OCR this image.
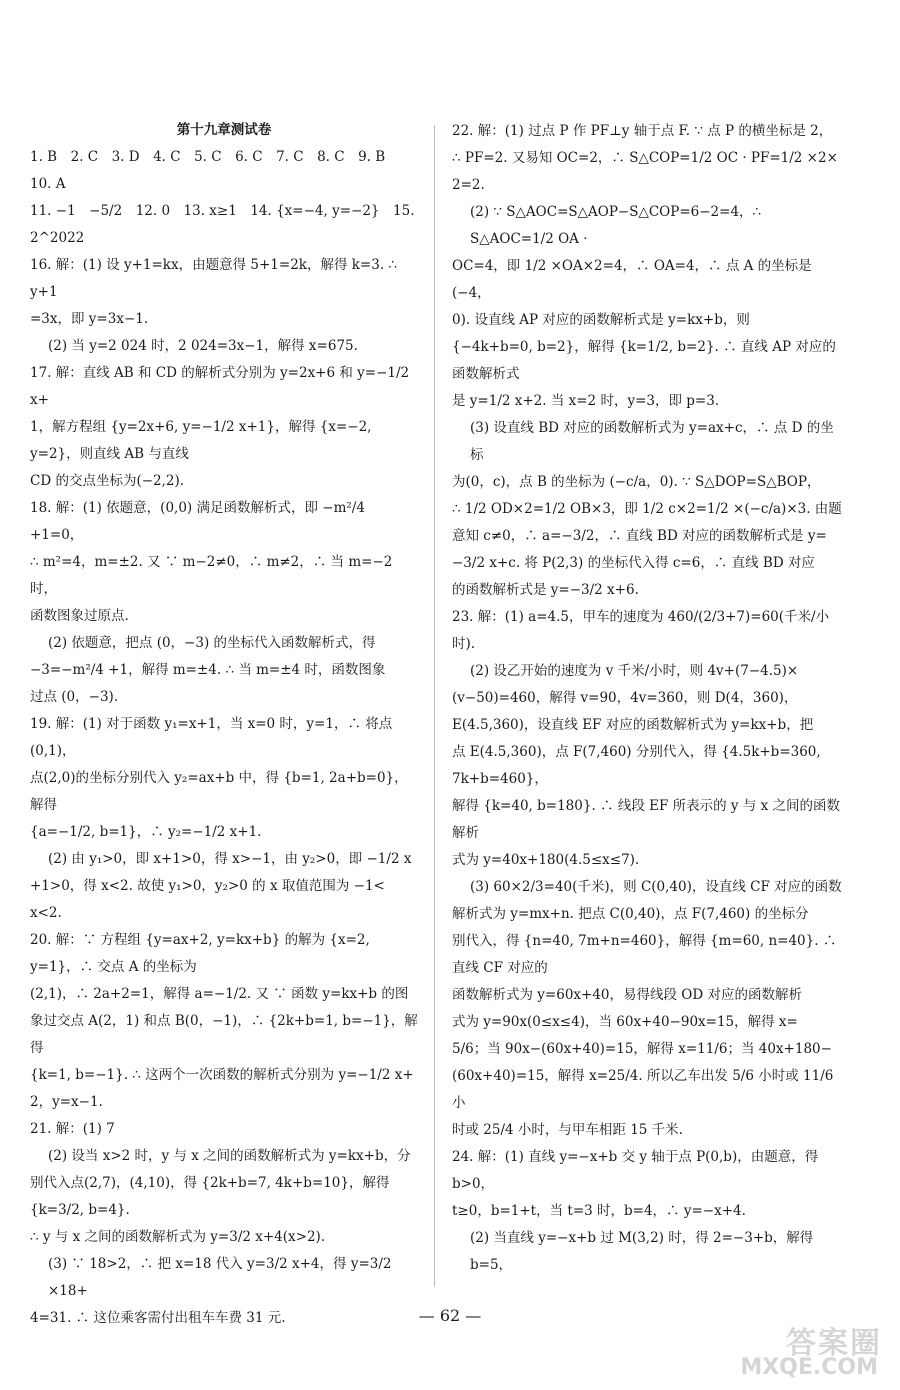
第十九章测试卷

1. B　2. C　3. D　4. C　5. C　6. C　7. C　8. C　9. B　10. A

11. −1　−5/2　12. 0　13. x≥1　14. {x=−4, y=−2}　15. 2^2022

16. 解：(1) 设 y+1=kx，由题意得 5+1=2k，解得 k=3. ∴ y+1

=3x，即 y=3x−1.

(2) 当 y=2 024 时，2 024=3x−1，解得 x=675.

17. 解：直线 AB 和 CD 的解析式分别为 y=2x+6 和 y=−1/2 x+

1，解方程组 {y=2x+6, y=−1/2 x+1}，解得 {x=−2, y=2}，则直线 AB 与直线

CD 的交点坐标为(−2,2).

18. 解：(1) 依题意，(0,0) 满足函数解析式，即 −m²/4 +1=0，

∴ m²=4，m=±2. 又 ∵ m−2≠0，∴ m≠2，∴ 当 m=−2 时，

函数图象过原点.

(2) 依题意，把点 (0，−3) 的坐标代入函数解析式，得

−3=−m²/4 +1，解得 m=±4. ∴ 当 m=±4 时，函数图象

过点 (0，−3).

19. 解：(1) 对于函数 y₁=x+1，当 x=0 时，y=1，∴ 将点(0,1)，

点(2,0)的坐标分别代入 y₂=ax+b 中，得 {b=1, 2a+b=0}，解得

{a=−1/2, b=1}，∴ y₂=−1/2 x+1.

(2) 由 y₁>0，即 x+1>0，得 x>−1，由 y₂>0，即 −1/2 x

+1>0，得 x<2. 故使 y₁>0，y₂>0 的 x 取值范围为 −1<

x<2.

20. 解：∵ 方程组 {y=ax+2, y=kx+b} 的解为 {x=2, y=1}，∴ 交点 A 的坐标为

(2,1)，∴ 2a+2=1，解得 a=−1/2. 又 ∵ 函数 y=kx+b 的图

象过交点 A(2，1) 和点 B(0，−1)，∴ {2k+b=1, b=−1}，解得

{k=1, b=−1}. ∴ 这两个一次函数的解析式分别为 y=−1/2 x+

2，y=x−1.

21. 解：(1) 7

(2) 设当 x>2 时，y 与 x 之间的函数解析式为 y=kx+b，分

别代入点(2,7)，(4,10)，得 {2k+b=7, 4k+b=10}，解得 {k=3/2, b=4}.

∴ y 与 x 之间的函数解析式为 y=3/2 x+4(x>2).

(3) ∵ 18>2，∴ 把 x=18 代入 y=3/2 x+4，得 y=3/2 ×18+

4=31. ∴ 这位乘客需付出租车车费 31 元.

22. 解：(1) 过点 P 作 PF⊥y 轴于点 F. ∵ 点 P 的横坐标是 2，

∴ PF=2. 又易知 OC=2，∴ S△COP=1/2 OC · PF=1/2 ×2×

2=2.

(2) ∵ S△AOC=S△AOP−S△COP=6−2=4，∴ S△AOC=1/2 OA ·

OC=4，即 1/2 ×OA×2=4，∴ OA=4，∴ 点 A 的坐标是(−4，

0). 设直线 AP 对应的函数解析式是 y=kx+b，则

{−4k+b=0, b=2}，解得 {k=1/2, b=2}. ∴ 直线 AP 对应的函数解析式

是 y=1/2 x+2. 当 x=2 时，y=3，即 p=3.

(3) 设直线 BD 对应的函数解析式为 y=ax+c，∴ 点 D 的坐标

为(0，c)，点 B 的坐标为 (−c/a，0). ∵ S△DOP=S△BOP，

∴ 1/2 OD×2=1/2 OB×3，即 1/2 c×2=1/2 ×(−c/a)×3. 由题

意知 c≠0，∴ a=−3/2，∴ 直线 BD 对应的函数解析式是 y=

−3/2 x+c. 将 P(2,3) 的坐标代入得 c=6，∴ 直线 BD 对应

的函数解析式是 y=−3/2 x+6.

23. 解：(1) a=4.5，甲车的速度为 460/(2/3+7)=60(千米/小时).

(2) 设乙开始的速度为 v 千米/小时，则 4v+(7−4.5)×

(v−50)=460，解得 v=90，4v=360，则 D(4，360)，

E(4.5,360)，设直线 EF 对应的函数解析式为 y=kx+b，把

点 E(4.5,360)，点 F(7,460) 分别代入，得 {4.5k+b=360, 7k+b=460}，

解得 {k=40, b=180}. ∴ 线段 EF 所表示的 y 与 x 之间的函数解析

式为 y=40x+180(4.5≤x≤7).

(3) 60×2/3=40(千米)，则 C(0,40)，设直线 CF 对应的函数

解析式为 y=mx+n. 把点 C(0,40)，点 F(7,460) 的坐标分

别代入，得 {n=40, 7m+n=460}，解得 {m=60, n=40}. ∴ 直线 CF 对应的

函数解析式为 y=60x+40，易得线段 OD 对应的函数解析

式为 y=90x(0≤x≤4)，当 60x+40−90x=15，解得 x=

5/6；当 90x−(60x+40)=15，解得 x=11/6；当 40x+180−

(60x+40)=15，解得 x=25/4. 所以乙车出发 5/6 小时或 11/6 小

时或 25/4 小时，与甲车相距 15 千米.

24. 解：(1) 直线 y=−x+b 交 y 轴于点 P(0,b)，由题意，得 b>0，

t≥0，b=1+t，当 t=3 时，b=4，∴ y=−x+4.

(2) 当直线 y=−x+b 过 M(3,2) 时，得 2=−3+b，解得 b=5，

— 62 —
答案圈
MXQE.COM
